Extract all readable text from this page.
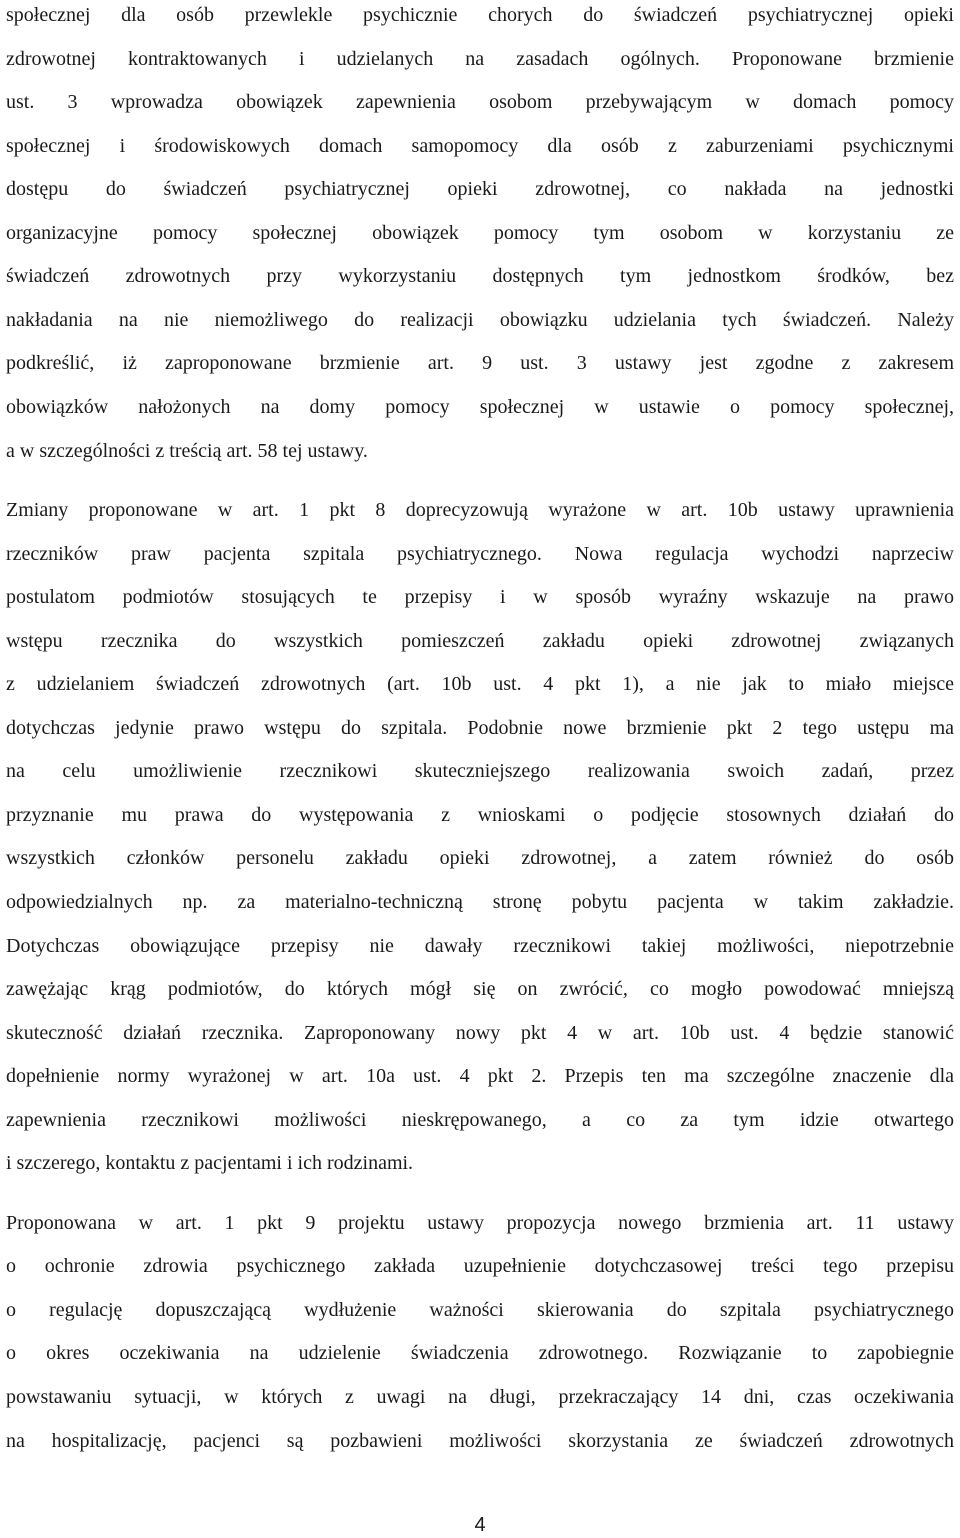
społecznej dla osób przewlekle psychicznie chorych do świadczeń psychiatrycznej opieki
zdrowotnej kontraktowanych i udzielanych na zasadach ogólnych. Proponowane brzmienie
ust. 3 wprowadza obowiązek zapewnienia osobom przebywającym w domach pomocy
społecznej i środowiskowych domach samopomocy dla osób z zaburzeniami psychicznymi
dostępu do świadczeń psychiatrycznej opieki zdrowotnej, co nakłada na jednostki
organizacyjne pomocy społecznej obowiązek pomocy tym osobom w korzystaniu ze
świadczeń zdrowotnych przy wykorzystaniu dostępnych tym jednostkom środków, bez
nakładania na nie niemożliwego do realizacji obowiązku udzielania tych świadczeń. Należy
podkreślić, iż zaproponowane brzmienie art. 9 ust. 3 ustawy jest zgodne z zakresem
obowiązków nałożonych na domy pomocy społecznej w ustawie o pomocy społecznej,
a w szczególności z treścią art. 58 tej ustawy.
Zmiany proponowane w art. 1 pkt 8 doprecyzowują wyrażone w art. 10b ustawy uprawnienia
rzeczników praw pacjenta szpitala psychiatrycznego. Nowa regulacja wychodzi naprzeciw
postulatom podmiotów stosujących te przepisy i w sposób wyraźny wskazuje na prawo
wstępu rzecznika do wszystkich pomieszczeń zakładu opieki zdrowotnej związanych
z udzielaniem świadczeń zdrowotnych (art. 10b ust. 4 pkt 1), a nie jak to miało miejsce
dotychczas jedynie prawo wstępu do szpitala. Podobnie nowe brzmienie pkt 2 tego ustępu ma
na celu umożliwienie rzecznikowi skuteczniejszego realizowania swoich zadań, przez
przyznanie mu prawa do występowania z wnioskami o podjęcie stosownych działań do
wszystkich członków personelu zakładu opieki zdrowotnej, a zatem również do osób
odpowiedzialnych np. za materialno-techniczną stronę pobytu pacjenta w takim zakładzie.
Dotychczas obowiązujące przepisy nie dawały rzecznikowi takiej możliwości, niepotrzebnie
zawężając krąg podmiotów, do których mógł się on zwrócić, co mogło powodować mniejszą
skuteczność działań rzecznika. Zaproponowany nowy pkt 4 w art. 10b ust. 4 będzie stanowić
dopełnienie normy wyrażonej w art. 10a ust. 4 pkt 2. Przepis ten ma szczególne znaczenie dla
zapewnienia rzecznikowi możliwości nieskrępowanego, a co za tym idzie otwartego
i szczerego, kontaktu z pacjentami i ich rodzinami.
Proponowana w art. 1 pkt 9 projektu ustawy propozycja nowego brzmienia art. 11 ustawy
o ochronie zdrowia psychicznego zakłada uzupełnienie dotychczasowej treści tego przepisu
o regulację dopuszczającą wydłużenie ważności skierowania do szpitala psychiatrycznego
o okres oczekiwania na udzielenie świadczenia zdrowotnego. Rozwiązanie to zapobiegnie
powstawaniu sytuacji, w których z uwagi na długi, przekraczający 14 dni, czas oczekiwania
na hospitalizację, pacjenci są pozbawieni możliwości skorzystania ze świadczeń zdrowotnych
4
